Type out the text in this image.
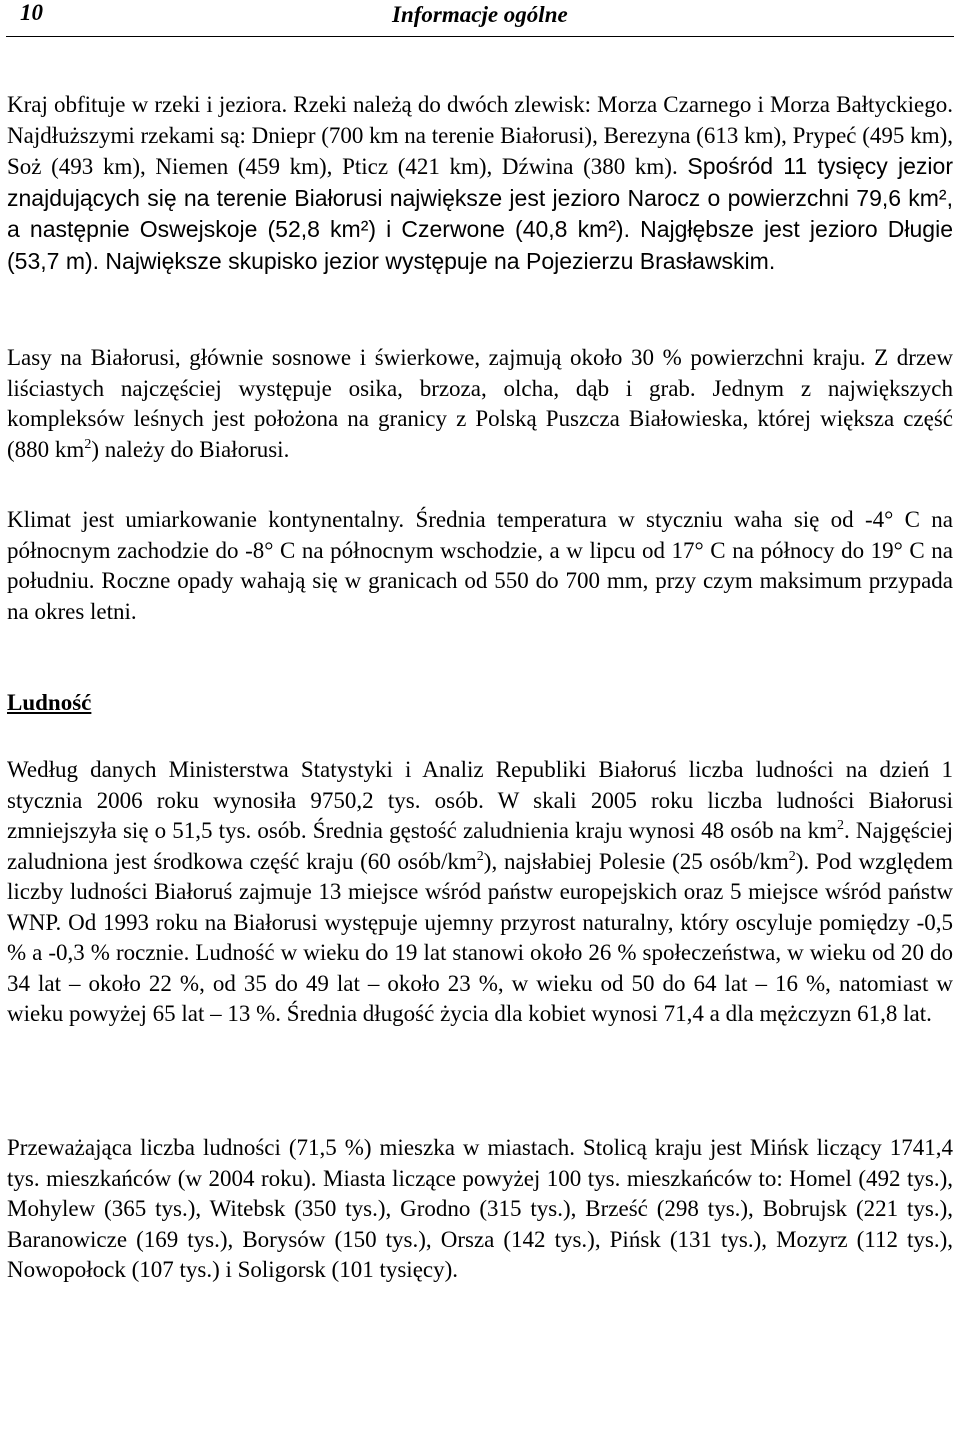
10	Informacje ogólne

Kraj obfituje w rzeki i jeziora. Rzeki należą do dwóch zlewisk: Morza Czarnego i Morza Bałtyckiego. Najdłuższymi rzekami są: Dniepr (700 km na terenie Białorusi), Berezyna (613 km), Prypeć (495 km), Soż (493 km), Niemen (459 km), Pticz (421 km), Dźwina (380 km). Spośród 11 tysięcy jezior znajdujących się na terenie Białorusi największe jest jezioro Narocz o powierzchni 79,6 km², a następnie Oswejskoje (52,8 km²) i Czerwone (40,8 km²). Najgłębsze jest jezioro Długie (53,7 m). Największe skupisko jezior występuje na Pojezierzu Brasławskim.

Lasy na Białorusi, głównie sosnowe i świerkowe, zajmują około 30 % powierzchni kraju. Z drzew liściastych najczęściej występuje osika, brzoza, olcha, dąb i grab. Jednym z największych kompleksów leśnych jest położona na granicy z Polską Puszcza Białowieska, której większa część (880 $km^2$) należy do Białorusi.

Klimat jest umiarkowanie kontynentalny. Średnia temperatura w styczniu waha się od -4° C na północnym zachodzie do -8° C na północnym wschodzie, a w lipcu od 17° C na północy do 19° C na południu. Roczne opady wahają się w granicach od 550 do 700 mm, przy czym maksimum przypada na okres letni.

Ludność

Według danych Ministerstwa Statystyki i Analiz Republiki Białoruś liczba ludności na dzień 1 stycznia 2006 roku wynosiła 9750,2 tys. osób. W skali 2005 roku liczba ludności Białorusi zmniejszyła się o 51,5 tys. osób. Średnia gęstość zaludnienia kraju wynosi 48 osób na $km^2$. Najgęściej zaludniona jest środkowa część kraju (60 osób/$km^2$), najsłabiej Polesie (25 osób/$km^2$). Pod względem liczby ludności Białoruś zajmuje 13 miejsce wśród państw europejskich oraz 5 miejsce wśród państw WNP. Od 1993 roku na Białorusi występuje ujemny przyrost naturalny, który oscyluje pomiędzy -0,5 % a -0,3 % rocznie. Ludność w wieku do 19 lat stanowi około 26 % społeczeństwa, w wieku od 20 do 34 lat – około 22 %, od 35 do 49 lat – około 23 %, w wieku od 50 do 64 lat – 16 %, natomiast w wieku powyżej 65 lat – 13 %. Średnia długość życia dla kobiet wynosi 71,4 a dla mężczyzn 61,8 lat.

Przeważająca liczba ludności (71,5 %) mieszka w miastach. Stolicą kraju jest Mińsk liczący 1741,4 tys. mieszkańców (w 2004 roku). Miasta liczące powyżej 100 tys. mieszkańców to: Homel (492 tys.), Mohylew (365 tys.), Witebsk (350 tys.), Grodno (315 tys.), Brześć (298 tys.), Bobrujsk (221 tys.), Baranowicze (169 tys.), Borysów (150 tys.), Orsza (142 tys.), Pińsk (131 tys.), Mozyrz (112 tys.), Nowopołock (107 tys.) i Soligorsk (101 tysięcy).
